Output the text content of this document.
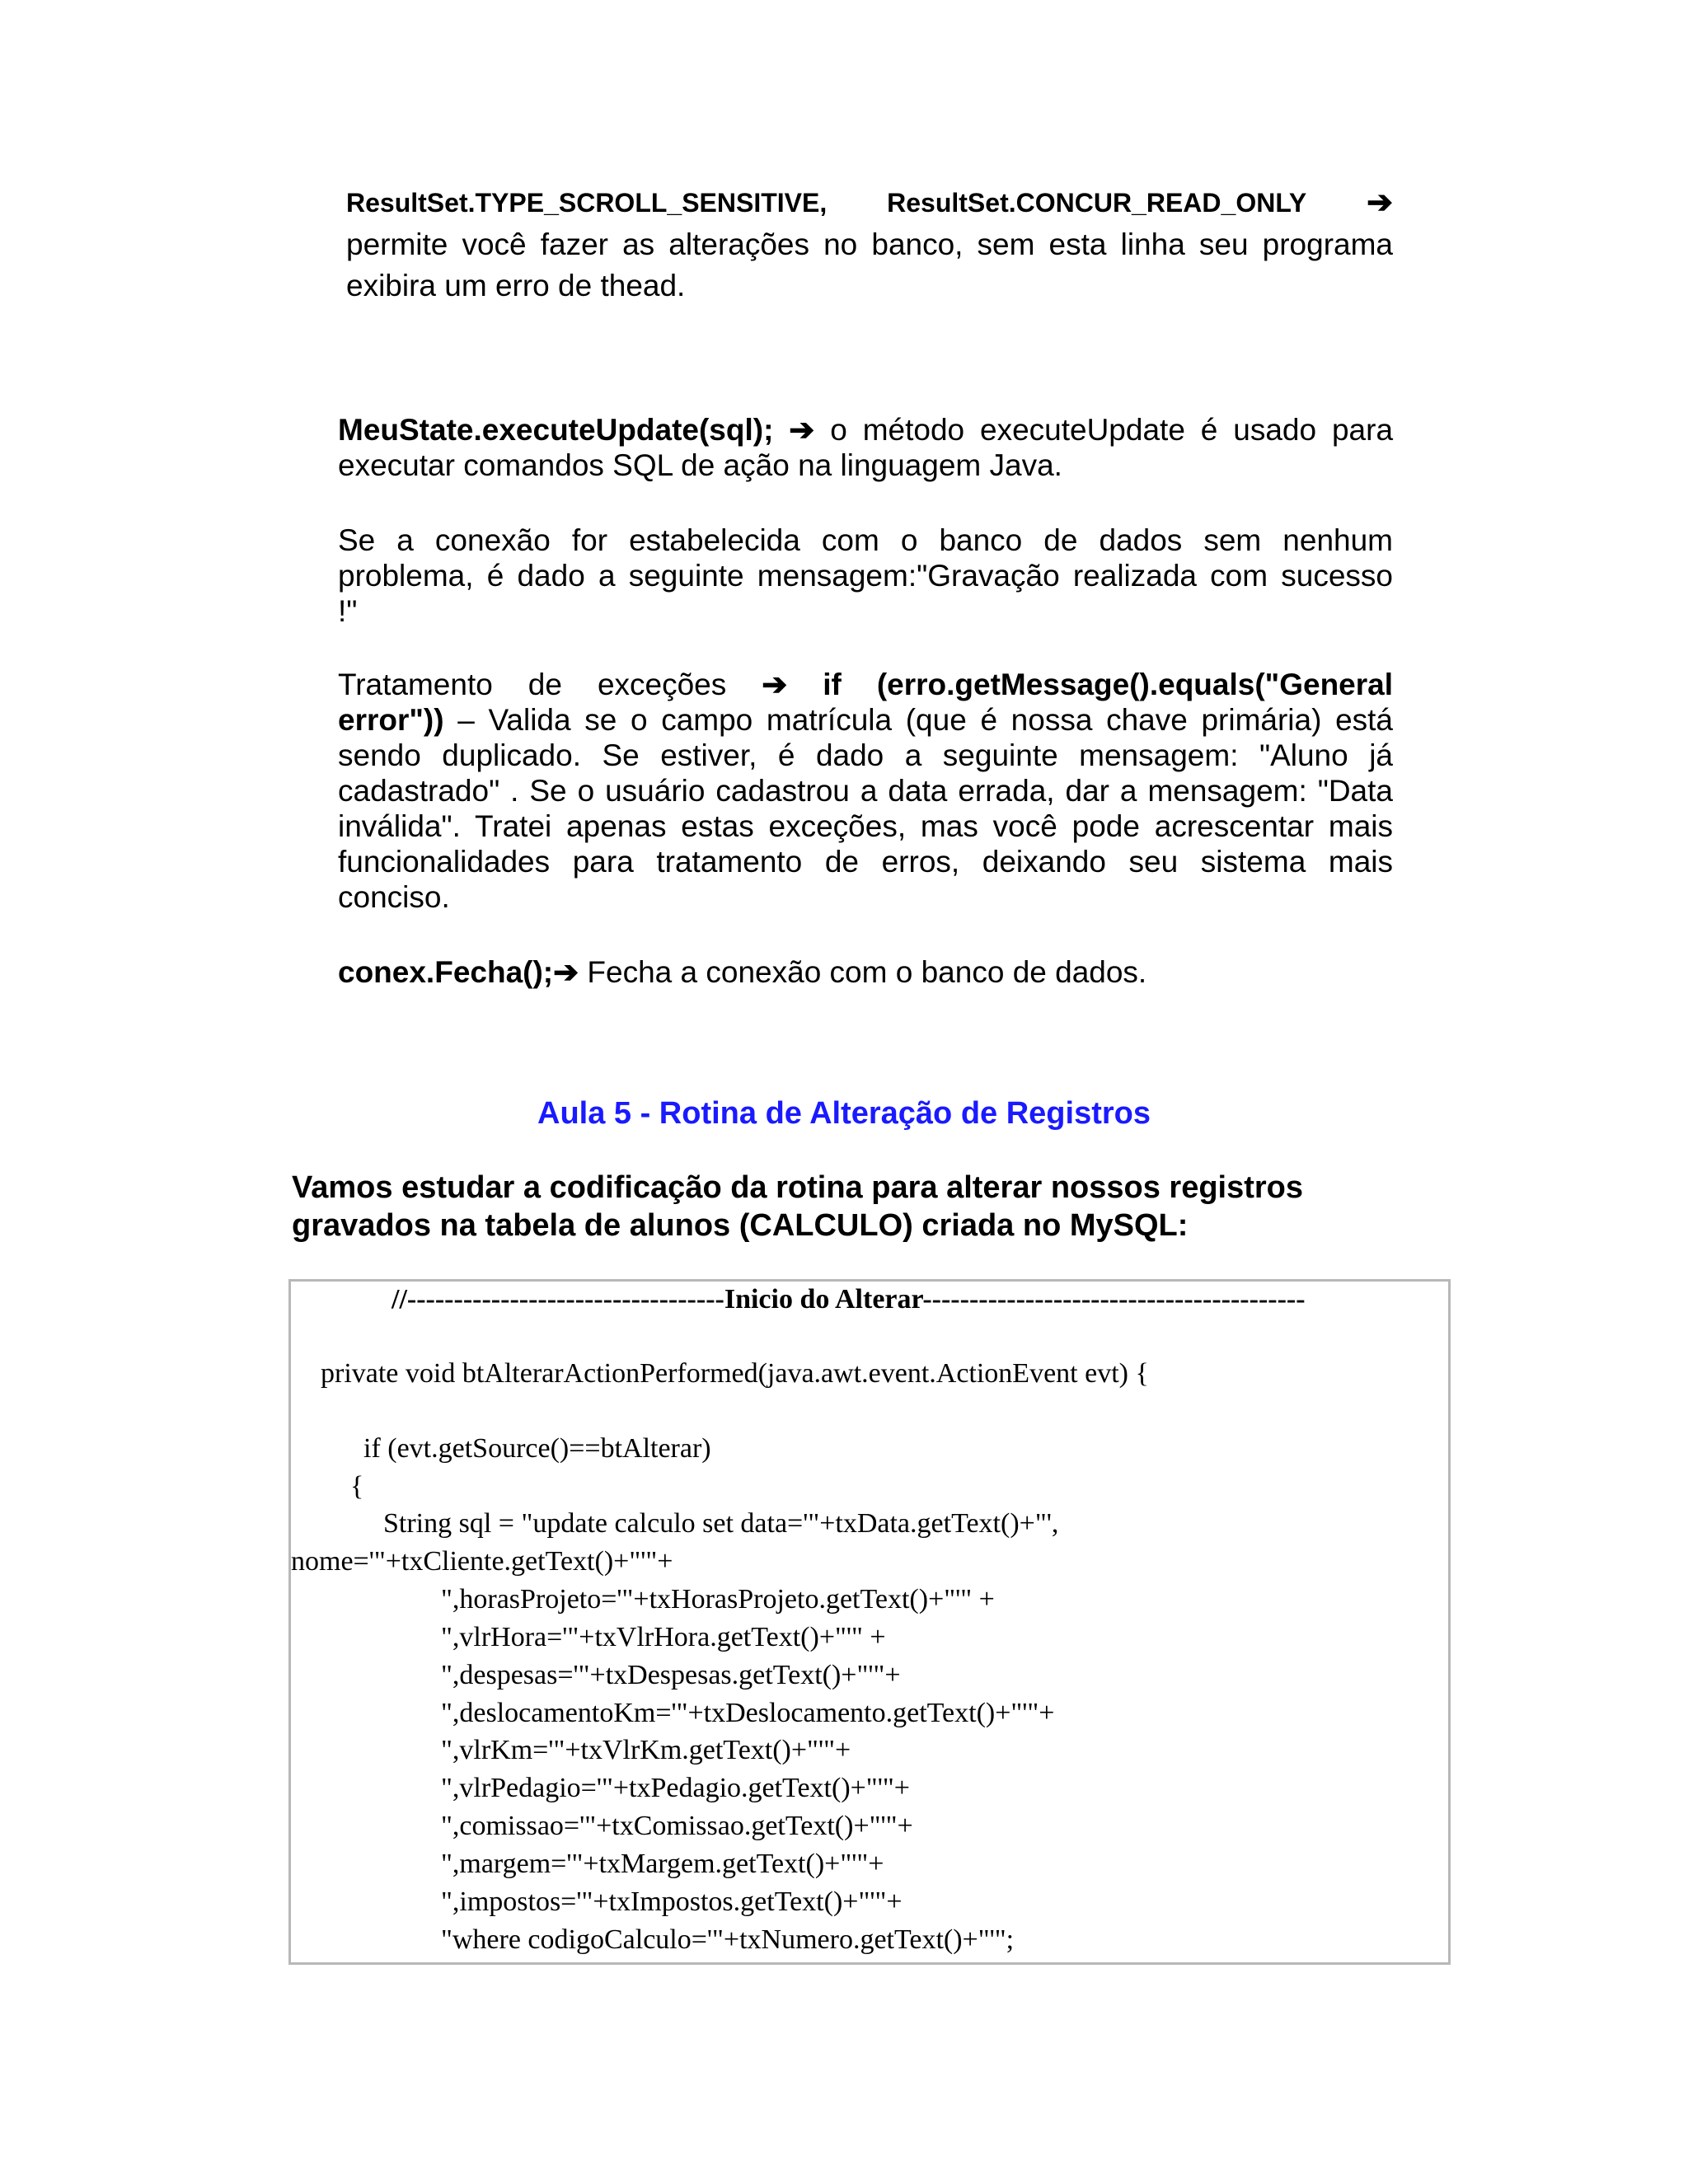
ResultSet.TYPE_SCROLL_SENSITIVE, ResultSet.CONCUR_READ_ONLY ➔
permite você fazer as alterações no banco, sem esta linha seu programa
exibira um erro de thead.
MeuState.executeUpdate(sql); ➔ o método executeUpdate é usado para
executar comandos SQL de ação na linguagem Java.
Se a conexão for estabelecida com o banco de dados sem nenhum
problema, é dado a seguinte mensagem:"Gravação realizada com sucesso
!"
Tratamento de exceções ➔ if (erro.getMessage().equals("General
error")) – Valida se o campo matrícula (que é nossa chave primária) está
sendo duplicado. Se estiver, é dado a seguinte mensagem: "Aluno já
cadastrado" . Se o usuário cadastrou a data errada, dar a mensagem: "Data
inválida". Tratei apenas estas exceções, mas você pode acrescentar mais
funcionalidades para tratamento de erros, deixando seu sistema mais
conciso.
conex.Fecha();➔ Fecha a conexão com o banco de dados.
Aula 5 - Rotina de Alteração de Registros
Vamos estudar a codificação da rotina para alterar nossos registros
gravados na tabela de alunos (CALCULO) criada no MySQL:
//----------------------------------Inicio do Alterar-----------------------------------------
private void btAlterarActionPerformed(java.awt.event.ActionEvent evt) {
if (evt.getSource()==btAlterar)
{
String sql = "update calculo set data='"+txData.getText()+"',
nome='"+txCliente.getText()+"'"+
",horasProjeto='"+txHorasProjeto.getText()+"'" +
",vlrHora='"+txVlrHora.getText()+"'" +
",despesas='"+txDespesas.getText()+"'"+
",deslocamentoKm='"+txDeslocamento.getText()+"'"+
",vlrKm='"+txVlrKm.getText()+"'"+
",vlrPedagio='"+txPedagio.getText()+"'"+
",comissao='"+txComissao.getText()+"'"+
",margem='"+txMargem.getText()+"'"+
",impostos='"+txImpostos.getText()+"'"+
"where codigoCalculo='"+txNumero.getText()+"'";
